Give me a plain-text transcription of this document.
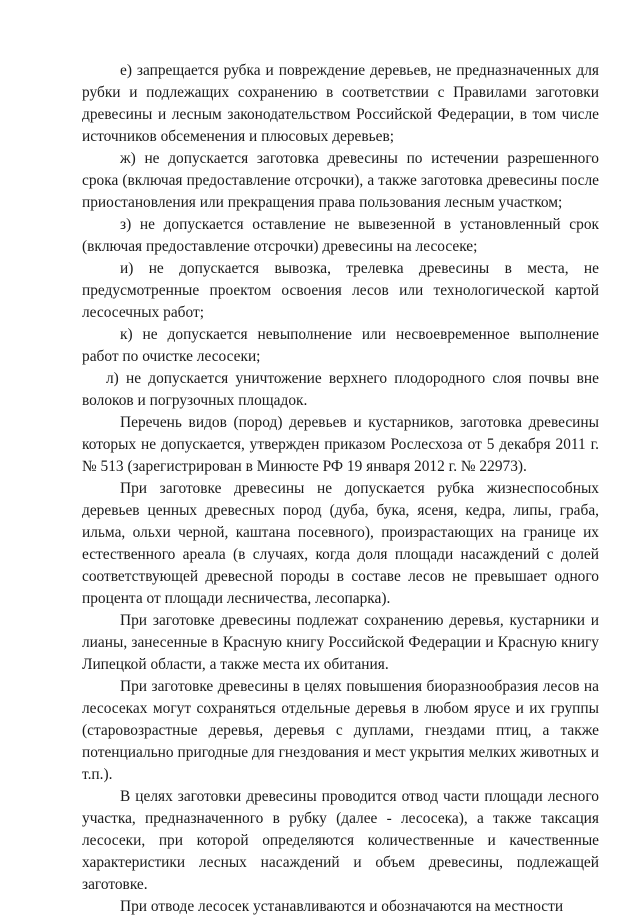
е) запрещается рубка и повреждение деревьев, не предназначенных для рубки и подлежащих сохранению в соответствии с Правилами заготовки древесины и лесным законодательством Российской Федерации, в том числе источников обсеменения и плюсовых деревьев;

ж) не допускается заготовка древесины по истечении разрешенного срока (включая предоставление отсрочки), а также заготовка древесины после приостановления или прекращения права пользования лесным участком;

з) не допускается оставление не вывезенной в установленный срок (включая предоставление отсрочки) древесины на лесосеке;

и) не допускается вывозка, трелевка древесины в места, не предусмотренные проектом освоения лесов или технологической картой лесосечных работ;

к) не допускается невыполнение или несвоевременное выполнение работ по очистке лесосеки;

л) не допускается уничтожение верхнего плодородного слоя почвы вне волоков и погрузочных площадок.

Перечень видов (пород) деревьев и кустарников, заготовка древесины которых не допускается, утвержден приказом Рослесхоза от 5 декабря 2011 г. № 513 (зарегистрирован в Минюсте РФ 19 января 2012 г. № 22973).

При заготовке древесины не допускается рубка жизнеспособных деревьев ценных древесных пород (дуба, бука, ясеня, кедра, липы, граба, ильма, ольхи черной, каштана посевного), произрастающих на границе их естественного ареала (в случаях, когда доля площади насаждений с долей соответствующей древесной породы в составе лесов не превышает одного процента от площади лесничества, лесопарка).

При заготовке древесины подлежат сохранению деревья, кустарники и лианы, занесенные в Красную книгу Российской Федерации и Красную книгу Липецкой области, а также места их обитания.

При заготовке древесины в целях повышения биоразнообразия лесов на лесосеках могут сохраняться отдельные деревья в любом ярусе и их группы (старовозрастные деревья, деревья с дуплами, гнездами птиц, а также потенциально пригодные для гнездования и мест укрытия мелких животных и т.п.).

В целях заготовки древесины проводится отвод части площади лесного участка, предназначенного в рубку (далее - лесосека), а также таксация лесосеки, при которой определяются количественные и качественные характеристики лесных насаждений и объем древесины, подлежащей заготовке.

При отводе лесосек устанавливаются и обозначаются на местности
